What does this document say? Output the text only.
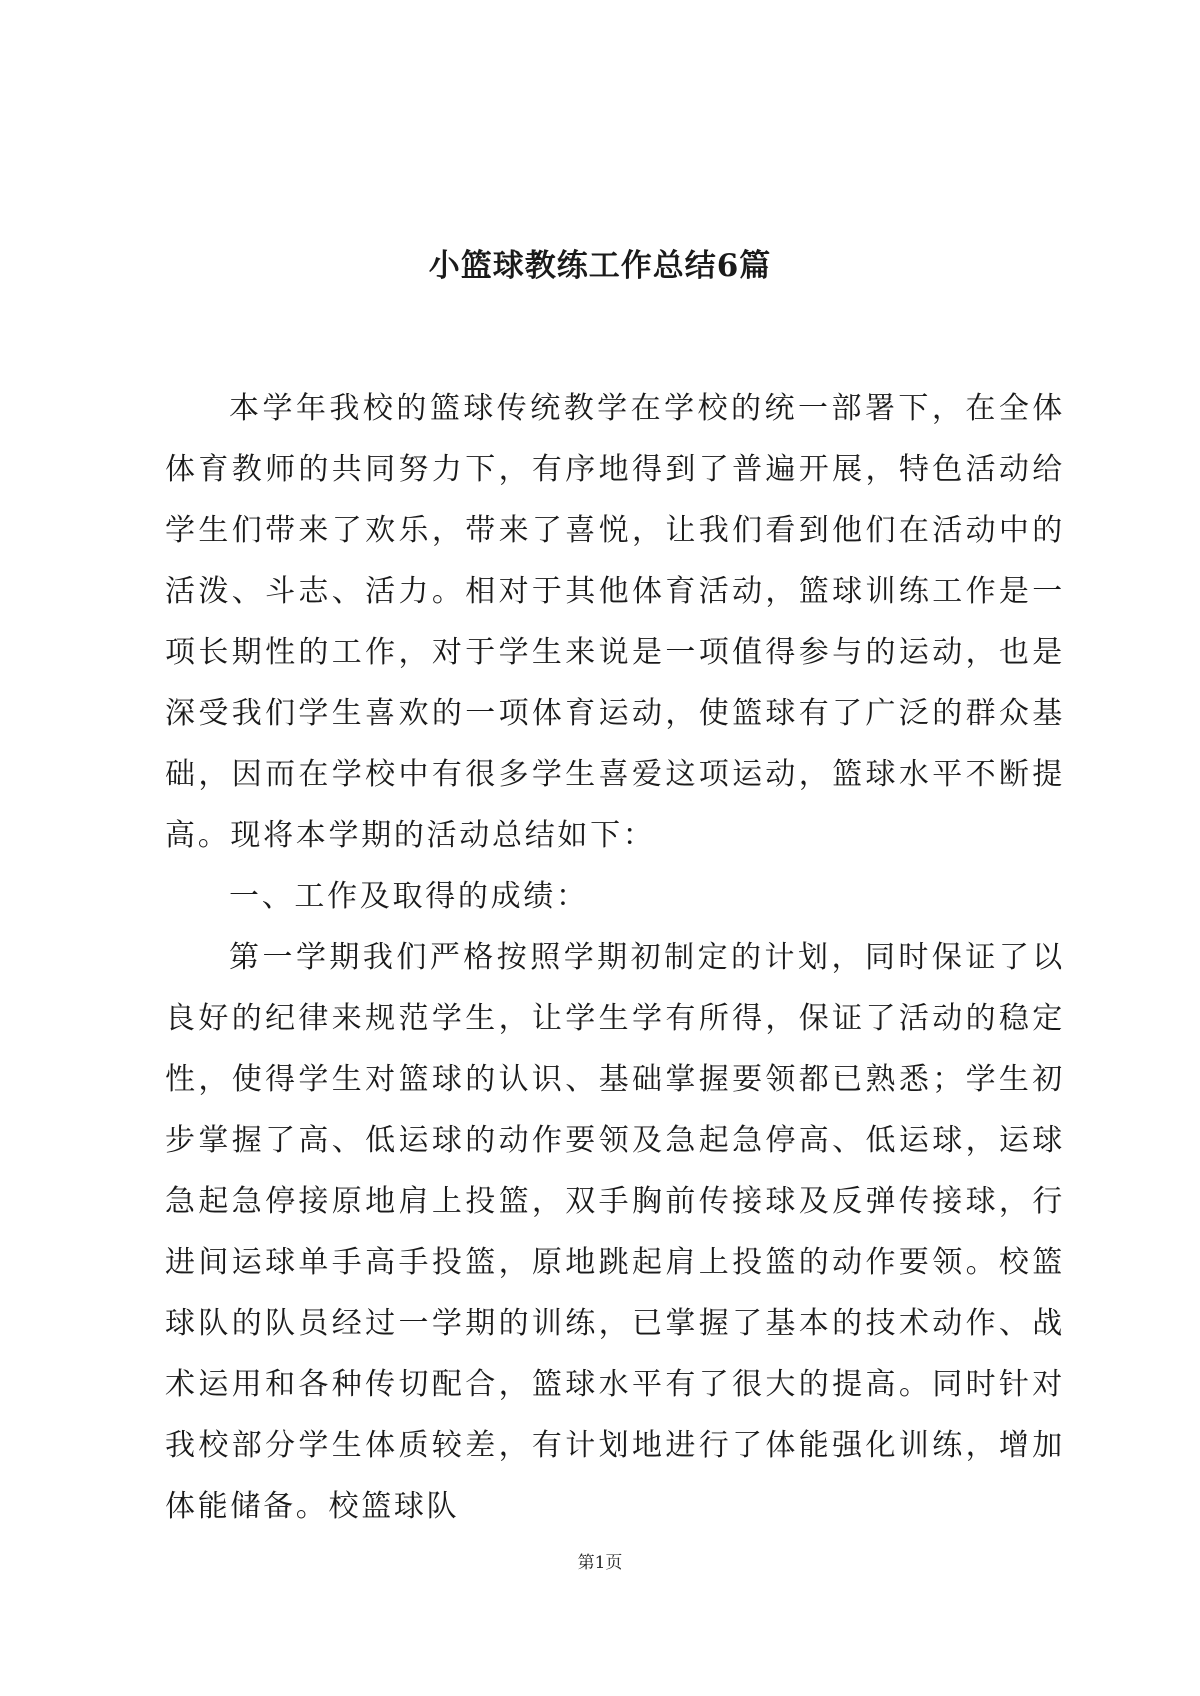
小篮球教练工作总结6篇

本学年我校的篮球传统教学在学校的统一部署下，在全体体育教师的共同努力下，有序地得到了普遍开展，特色活动给学生们带来了欢乐，带来了喜悦，让我们看到他们在活动中的活泼、斗志、活力。相对于其他体育活动，篮球训练工作是一项长期性的工作，对于学生来说是一项值得参与的运动，也是深受我们学生喜欢的一项体育运动，使篮球有了广泛的群众基础，因而在学校中有很多学生喜爱这项运动，篮球水平不断提高。现将本学期的活动总结如下：

一、工作及取得的成绩：

第一学期我们严格按照学期初制定的计划，同时保证了以良好的纪律来规范学生，让学生学有所得，保证了活动的稳定性，使得学生对篮球的认识、基础掌握要领都已熟悉；学生初步掌握了高、低运球的动作要领及急起急停高、低运球，运球急起急停接原地肩上投篮，双手胸前传接球及反弹传接球，行进间运球单手高手投篮，原地跳起肩上投篮的动作要领。校篮球队的队员经过一学期的训练，已掌握了基本的技术动作、战术运用和各种传切配合，篮球水平有了很大的提高。同时针对我校部分学生体质较差，有计划地进行了体能强化训练，增加体能储备。校篮球队

第1页
